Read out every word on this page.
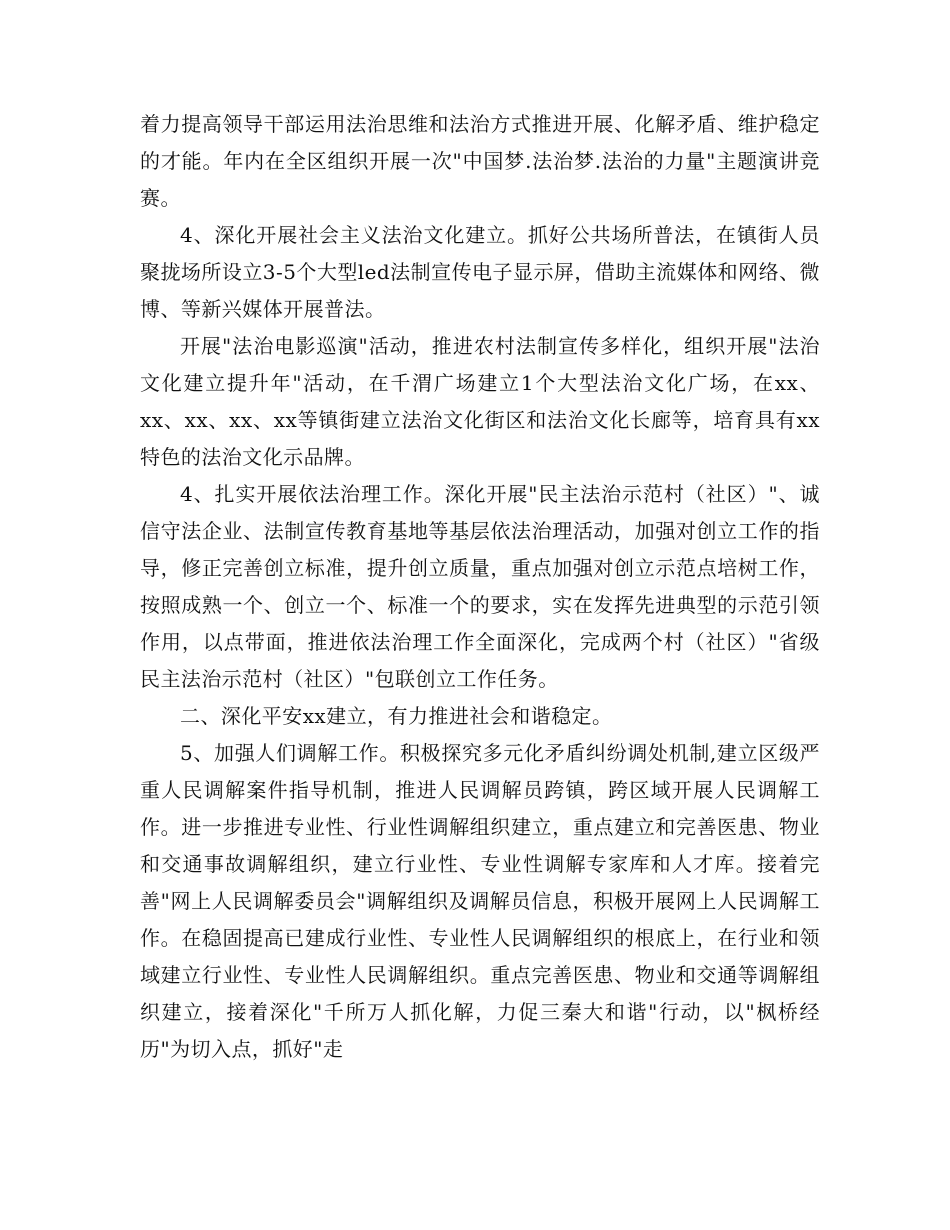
着力提高领导干部运用法治思维和法治方式推进开展、化解矛盾、维护稳定的才能。年内在全区组织开展一次"中国梦.法治梦.法治的力量"主题演讲竞赛。

4、深化开展社会主义法治文化建立。抓好公共场所普法，在镇街人员聚拢场所设立3-5个大型led法制宣传电子显示屏，借助主流媒体和网络、微博、等新兴媒体开展普法。

开展"法治电影巡演"活动，推进农村法制宣传多样化，组织开展"法治文化建立提升年"活动，在千渭广场建立1个大型法治文化广场，在xx、xx、xx、xx、xx等镇街建立法治文化街区和法治文化长廊等，培育具有xx特色的法治文化示品牌。

4、扎实开展依法治理工作。深化开展"民主法治示范村（社区）"、诚信守法企业、法制宣传教育基地等基层依法治理活动，加强对创立工作的指导，修正完善创立标准，提升创立质量，重点加强对创立示范点培树工作，按照成熟一个、创立一个、标准一个的要求，实在发挥先进典型的示范引领作用，以点带面，推进依法治理工作全面深化，完成两个村（社区）"省级民主法治示范村（社区）"包联创立工作任务。

二、深化平安xx建立，有力推进社会和谐稳定。

5、加强人们调解工作。积极探究多元化矛盾纠纷调处机制,建立区级严重人民调解案件指导机制，推进人民调解员跨镇，跨区域开展人民调解工作。进一步推进专业性、行业性调解组织建立，重点建立和完善医患、物业和交通事故调解组织，建立行业性、专业性调解专家库和人才库。接着完善"网上人民调解委员会"调解组织及调解员信息，积极开展网上人民调解工作。在稳固提高已建成行业性、专业性人民调解组织的根底上，在行业和领域建立行业性、专业性人民调解组织。重点完善医患、物业和交通等调解组织建立，接着深化"千所万人抓化解，力促三秦大和谐"行动，以"枫桥经历"为切入点，抓好"走
